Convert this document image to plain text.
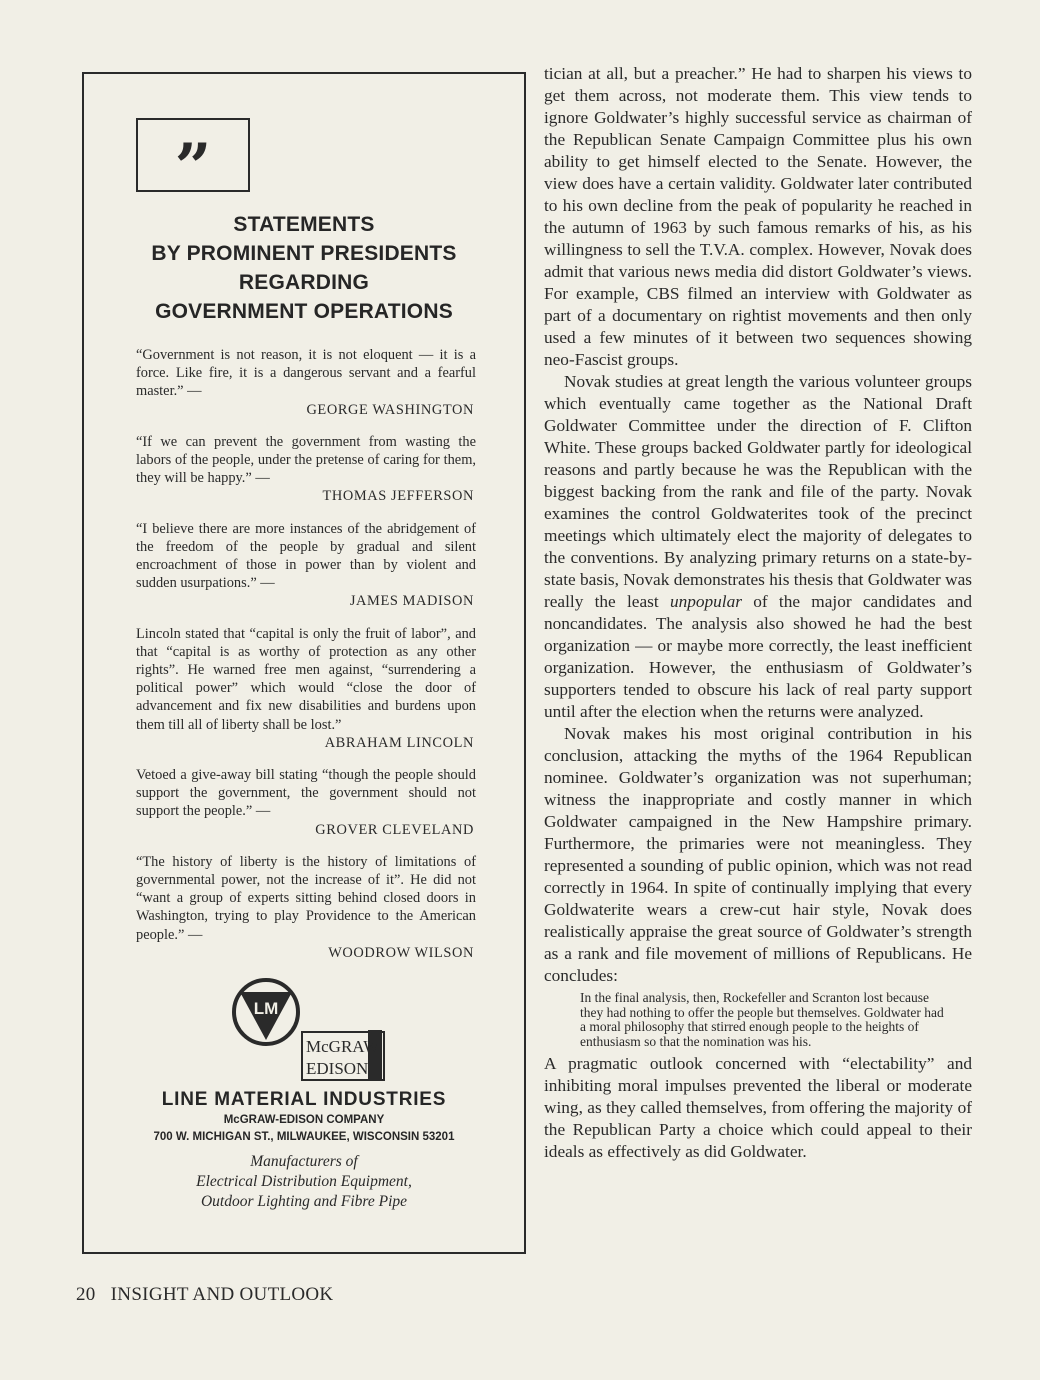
”
STATEMENTS
BY PROMINENT PRESIDENTS
REGARDING
GOVERNMENT OPERATIONS
“Government is not reason, it is not eloquent — it is a force. Like fire, it is a dangerous servant and a fearful master.” —
GEORGE WASHINGTON
“If we can prevent the government from wasting the labors of the people, under the pretense of caring for them, they will be happy.” —
THOMAS JEFFERSON
“I believe there are more instances of the abridgement of the freedom of the people by gradual and silent encroachment of those in power than by violent and sudden usurpations.” —
JAMES MADISON
Lincoln stated that “capital is only the fruit of labor”, and that “capital is as worthy of protection as any other rights”. He warned free men against, “surrendering a political power” which would “close the door of advancement and fix new disabilities and burdens upon them till all of liberty shall be lost.”
ABRAHAM LINCOLN
Vetoed a give-away bill stating “though the people should support the government, the government should not support the people.” —
GROVER CLEVELAND
“The history of liberty is the history of limitations of governmental power, not the increase of it”. He did not “want a group of experts sitting behind closed doors in Washington, trying to play Providence to the American people.” —
WOODROW WILSON
LM
McGRAW
EDISON
LINE MATERIAL INDUSTRIES
McGRAW-EDISON COMPANY
700 W. MICHIGAN ST., MILWAUKEE, WISCONSIN 53201
Manufacturers of
Electrical Distribution Equipment,
Outdoor Lighting and Fibre Pipe

tician at all, but a preacher.” He had to sharpen his views to get them across, not moderate them. This view tends to ignore Goldwater’s highly successful service as chairman of the Republican Senate Campaign Committee plus his own ability to get himself elected to the Senate. However, the view does have a certain validity. Goldwater later contributed to his own decline from the peak of popularity he reached in the autumn of 1963 by such famous remarks of his, as his willingness to sell the T.V.A. complex. However, Novak does admit that various news media did distort Goldwater’s views. For example, CBS filmed an interview with Goldwater as part of a documentary on rightist movements and then only used a few minutes of it between two sequences showing neo-Fascist groups.

Novak studies at great length the various volunteer groups which eventually came together as the National Draft Goldwater Committee under the direction of F. Clifton White. These groups backed Goldwater partly for ideological reasons and partly because he was the Republican with the biggest backing from the rank and file of the party. Novak examines the control Goldwaterites took of the precinct meetings which ultimately elect the majority of delegates to the conventions. By analyzing primary returns on a state-by-state basis, Novak demonstrates his thesis that Goldwater was really the least unpopular of the major candidates and noncandidates. The analysis also showed he had the best organization — or maybe more correctly, the least inefficient organization. However, the enthusiasm of Goldwater’s supporters tended to obscure his lack of real party support until after the election when the returns were analyzed.

Novak makes his most original contribution in his conclusion, attacking the myths of the 1964 Republican nominee. Goldwater’s organization was not superhuman; witness the inappropriate and costly manner in which Goldwater campaigned in the New Hampshire primary. Furthermore, the primaries were not meaningless. They represented a sounding of public opinion, which was not read correctly in 1964. In spite of continually implying that every Goldwaterite wears a crew-cut hair style, Novak does realistically appraise the great source of Goldwater’s strength as a rank and file movement of millions of Republicans. He concludes:

In the final analysis, then, Rockefeller and Scranton lost because they had nothing to offer the people but themselves. Goldwater had a moral philosophy that stirred enough people to the heights of enthusiasm so that the nomination was his.

A pragmatic outlook concerned with “electability” and inhibiting moral impulses prevented the liberal or moderate wing, as they called themselves, from offering the majority of the Republican Party a choice which could appeal to their ideals as effectively as did Goldwater.

20 INSIGHT AND OUTLOOK
